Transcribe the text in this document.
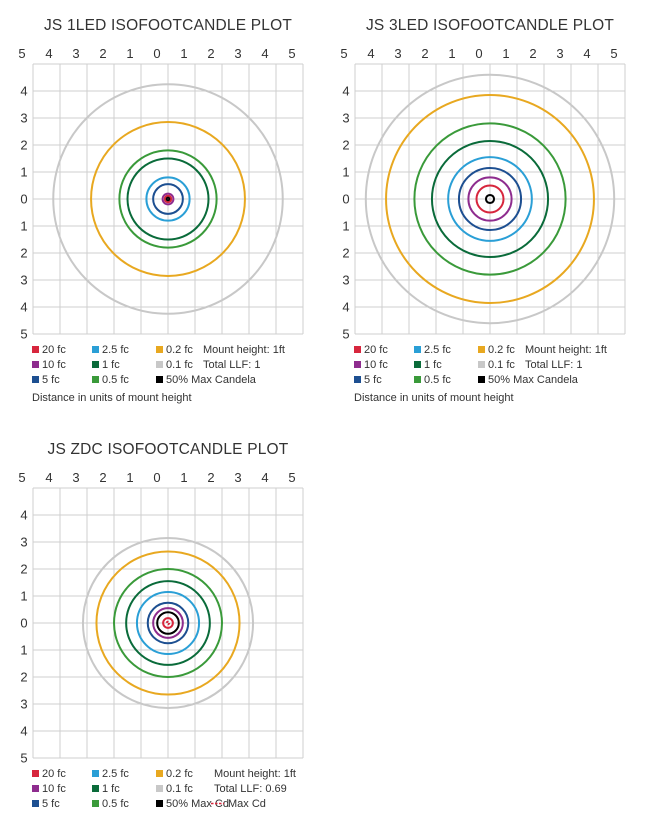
JS 1LED ISOFOOTCANDLE PLOT
5 4 3 2 1 0 1 2 3 4 5
4
3
2
1
0
1
2
3
4
5
20 fc	2.5 fc	0.2 fc
10 fc	1 fc	0.1 fc
5 fc	0.5 fc	50% Max Candela
Mount height: 1ft
Total LLF: 1
Distance in units of mount height
JS 3LED ISOFOOTCANDLE PLOT
5 4 3 2 1 0 1 2 3 4 5
4
3
2
1
0
1
2
3
4
5
20 fc	2.5 fc	0.2 fc
10 fc	1 fc	0.1 fc
5 fc	0.5 fc	50% Max Candela
Mount height: 1ft
Total LLF: 1
Distance in units of mount height
JS ZDC ISOFOOTCANDLE PLOT
5 4 3 2 1 0 1 2 3 4 5
4
3
2
1
0
1
2
3
4
5
20 fc	2.5 fc	0.2 fc
10 fc	1 fc	0.1 fc
5 fc	0.5 fc	50% Max Cd
Mount height: 1ft
Total LLF: 0.69
Max Cd
